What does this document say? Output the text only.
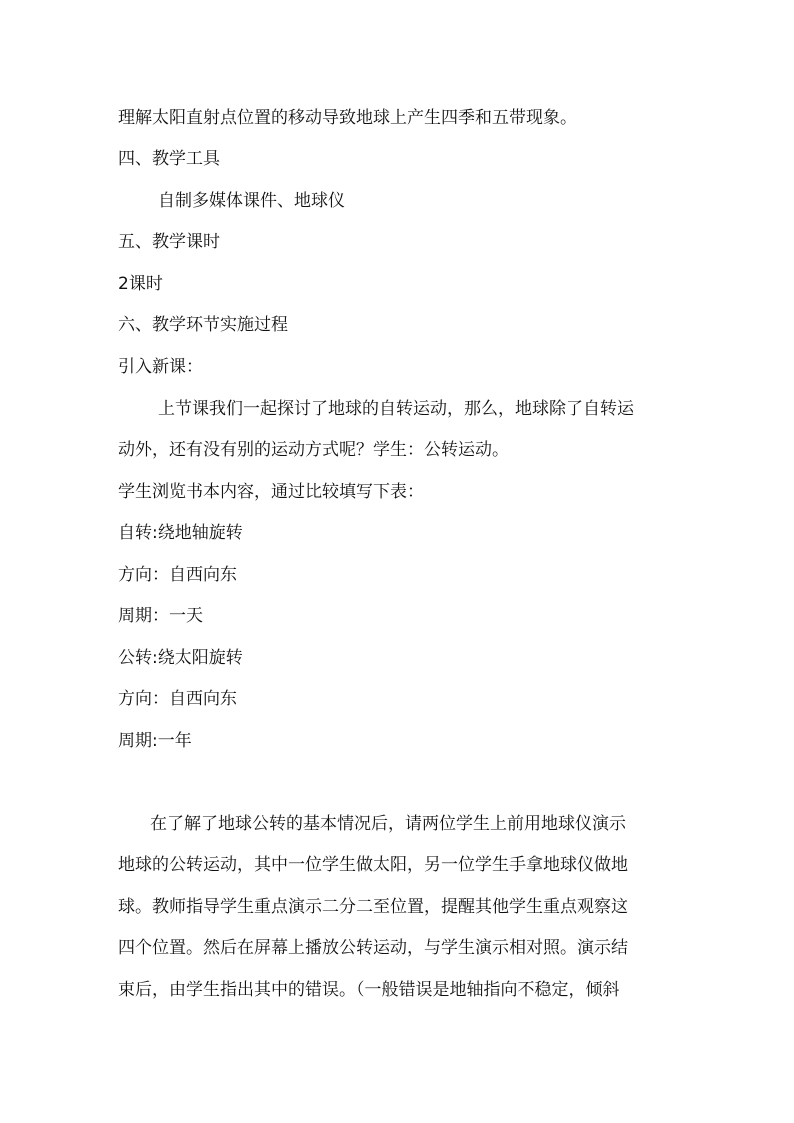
理解太阳直射点位置的移动导致地球上产生四季和五带现象。
四、教学工具
自制多媒体课件、地球仪
五、教学课时
2课时
六、教学环节实施过程
引入新课：
上节课我们一起探讨了地球的自转运动，那么，地球除了自转运
动外，还有没有别的运动方式呢？学生：公转运动。
学生浏览书本内容，通过比较填写下表：
自转:绕地轴旋转
方向：自西向东
周期：一天
公转:绕太阳旋转
方向：自西向东
周期:一年
在了解了地球公转的基本情况后，请两位学生上前用地球仪演示
地球的公转运动，其中一位学生做太阳，另一位学生手拿地球仪做地
球。教师指导学生重点演示二分二至位置，提醒其他学生重点观察这
四个位置。然后在屏幕上播放公转运动，与学生演示相对照。演示结
束后，由学生指出其中的错误。（一般错误是地轴指向不稳定，倾斜
